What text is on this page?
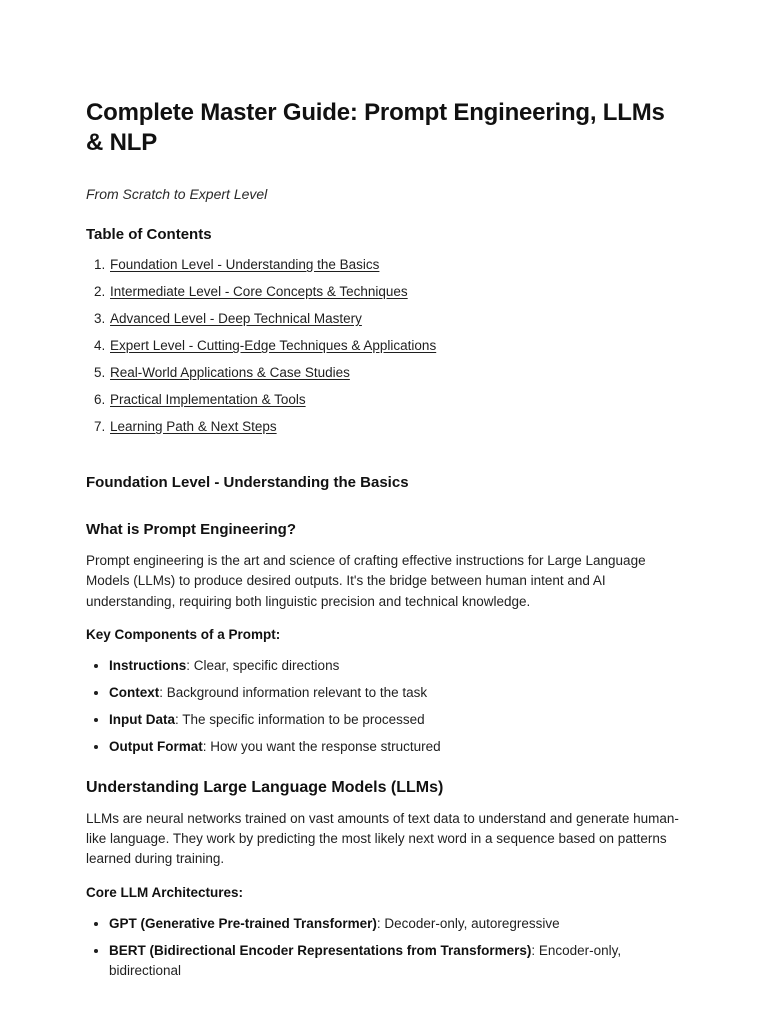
Complete Master Guide: Prompt Engineering, LLMs & NLP
From Scratch to Expert Level
Table of Contents
1. Foundation Level - Understanding the Basics
2. Intermediate Level - Core Concepts & Techniques
3. Advanced Level - Deep Technical Mastery
4. Expert Level - Cutting-Edge Techniques & Applications
5. Real-World Applications & Case Studies
6. Practical Implementation & Tools
7. Learning Path & Next Steps
Foundation Level - Understanding the Basics
What is Prompt Engineering?

Prompt engineering is the art and science of crafting effective instructions for Large Language Models (LLMs) to produce desired outputs. It's the bridge between human intent and AI understanding, requiring both linguistic precision and technical knowledge.

Key Components of a Prompt:
• Instructions: Clear, specific directions
• Context: Background information relevant to the task
• Input Data: The specific information to be processed
• Output Format: How you want the response structured
Understanding Large Language Models (LLMs)

LLMs are neural networks trained on vast amounts of text data to understand and generate human-like language. They work by predicting the most likely next word in a sequence based on patterns learned during training.

Core LLM Architectures:
• GPT (Generative Pre-trained Transformer): Decoder-only, autoregressive
• BERT (Bidirectional Encoder Representations from Transformers): Encoder-only, bidirectional
